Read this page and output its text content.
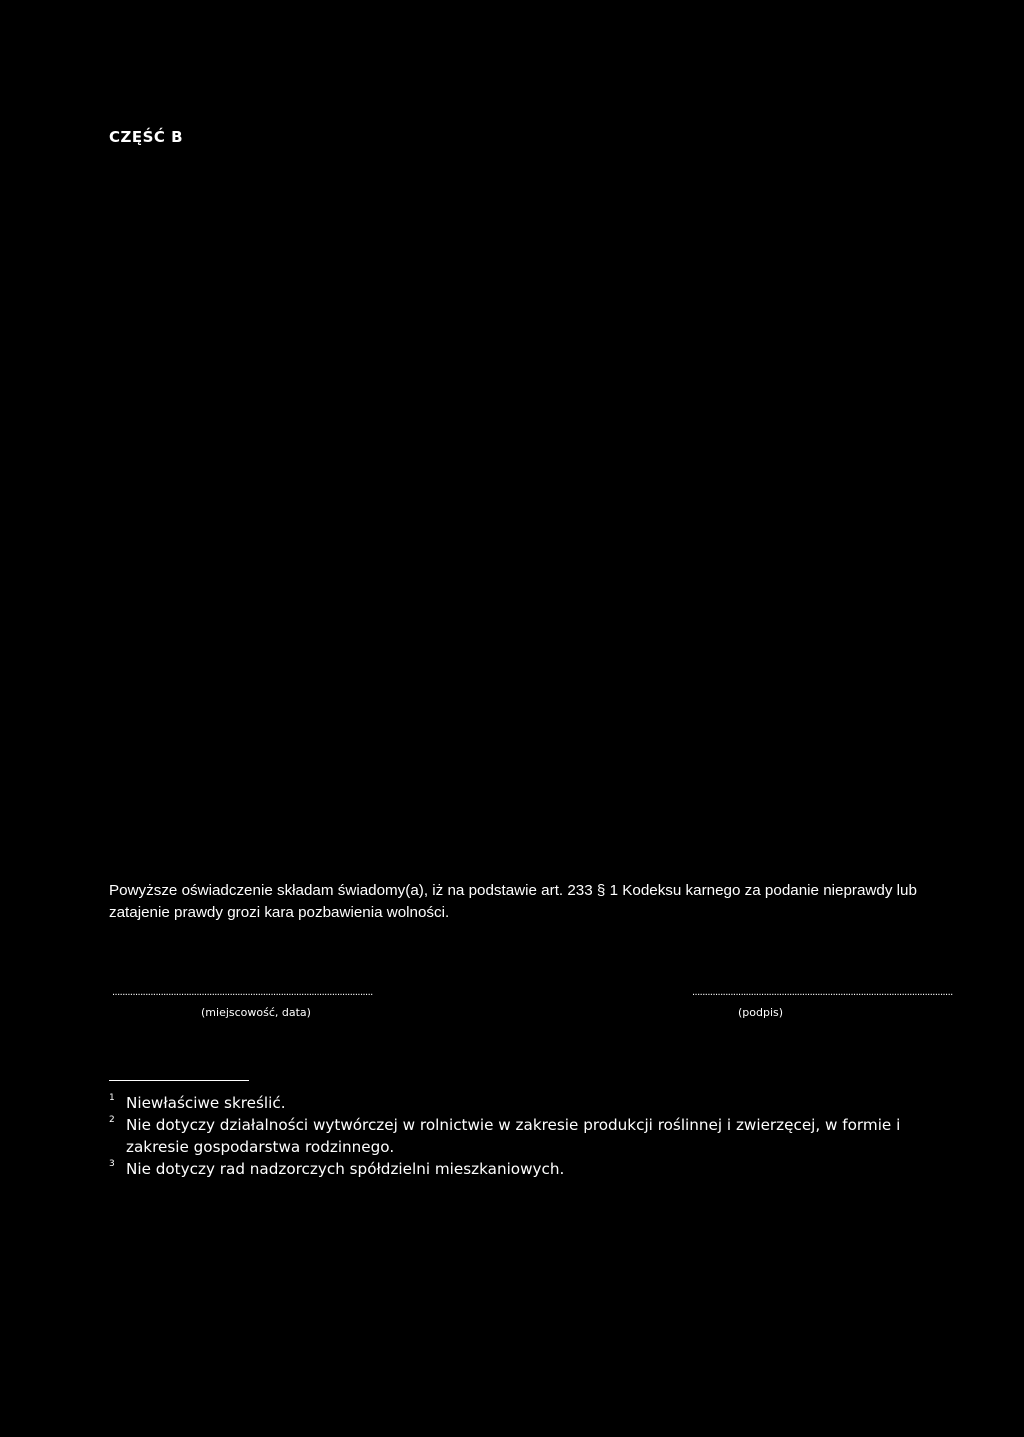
CZĘŚĆ B

Powyższe oświadczenie składam świadomy(a), iż na podstawie art. 233 § 1 Kodeksu karnego za podanie nieprawdy lub zatajenie prawdy grozi kara pozbawienia wolności.

......................................................................................................
(miejscowość, data)
......................................................................................................
(podpis)

1 Niewłaściwe skreślić.

2 Nie dotyczy działalności wytwórczej w rolnictwie w zakresie produkcji roślinnej i zwierzęcej, w formie i zakresie gospodarstwa rodzinnego.

3 Nie dotyczy rad nadzorczych spółdzielni mieszkaniowych.
